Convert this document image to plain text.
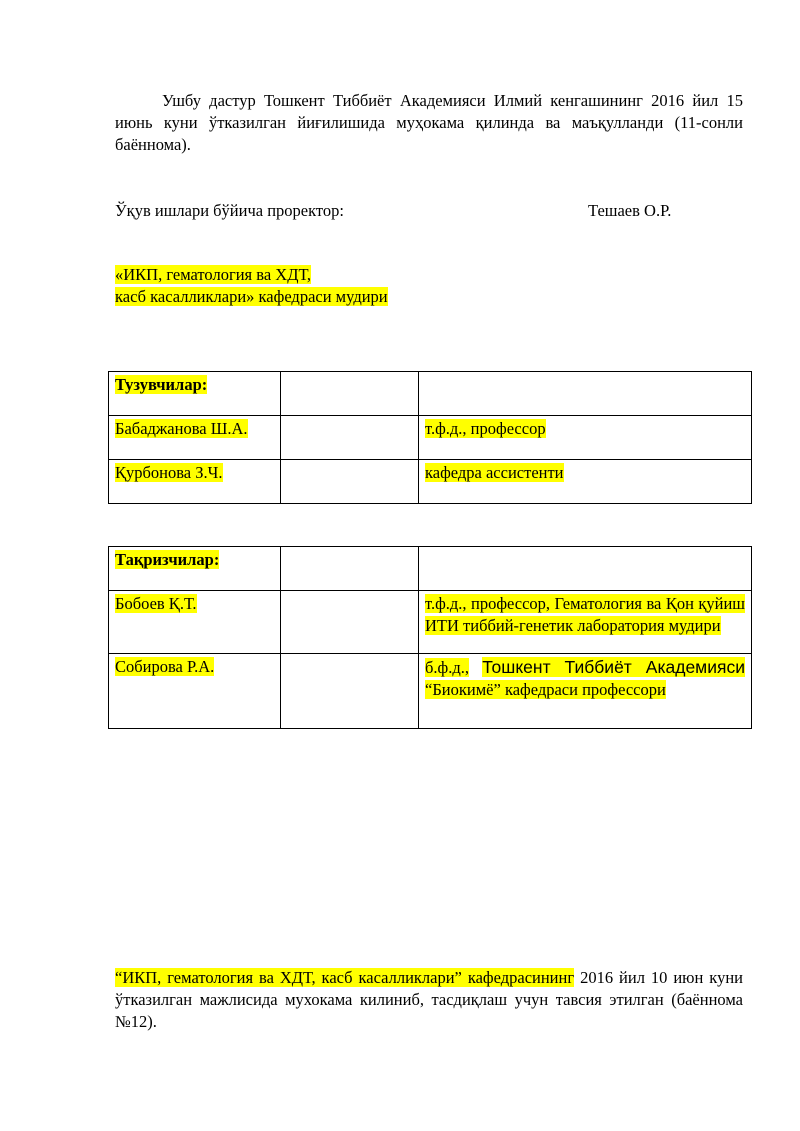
Ушбу дастур Тошкент Тиббиёт Академияси Илмий кенгашининг 2016 йил 15 июнь куни ўтказилган йиғилишида муҳокама қилинда ва маъқулланди (11-сонли баённома).
Ўқув ишлари бўйича проректор:	Тешаев О.Р.
«ИКП, гематология ва ХДТ,
касб касалликлари» кафедраси мудири
Тузувчилар:		
Бабаджанова Ш.А.		т.ф.д., профессор
Қурбонова З.Ч.		кафедра ассистенти
Тақризчилар:		
Бобоев Қ.Т.		т.ф.д., профессор, Гематология ва Қон қуйиш ИТИ тиббий-генетик лаборатория мудири
Собирова Р.А.		б.ф.д., Тошкент Тиббиёт Академияси “Биокимё” кафедраси профессори
“ИКП, гематология ва ХДТ, касб касалликлари” кафедрасининг 2016 йил 10 июн куни ўтказилган мажлисида мухокама килиниб, тасдиқлаш учун тавсия этилган (баённома №12).
